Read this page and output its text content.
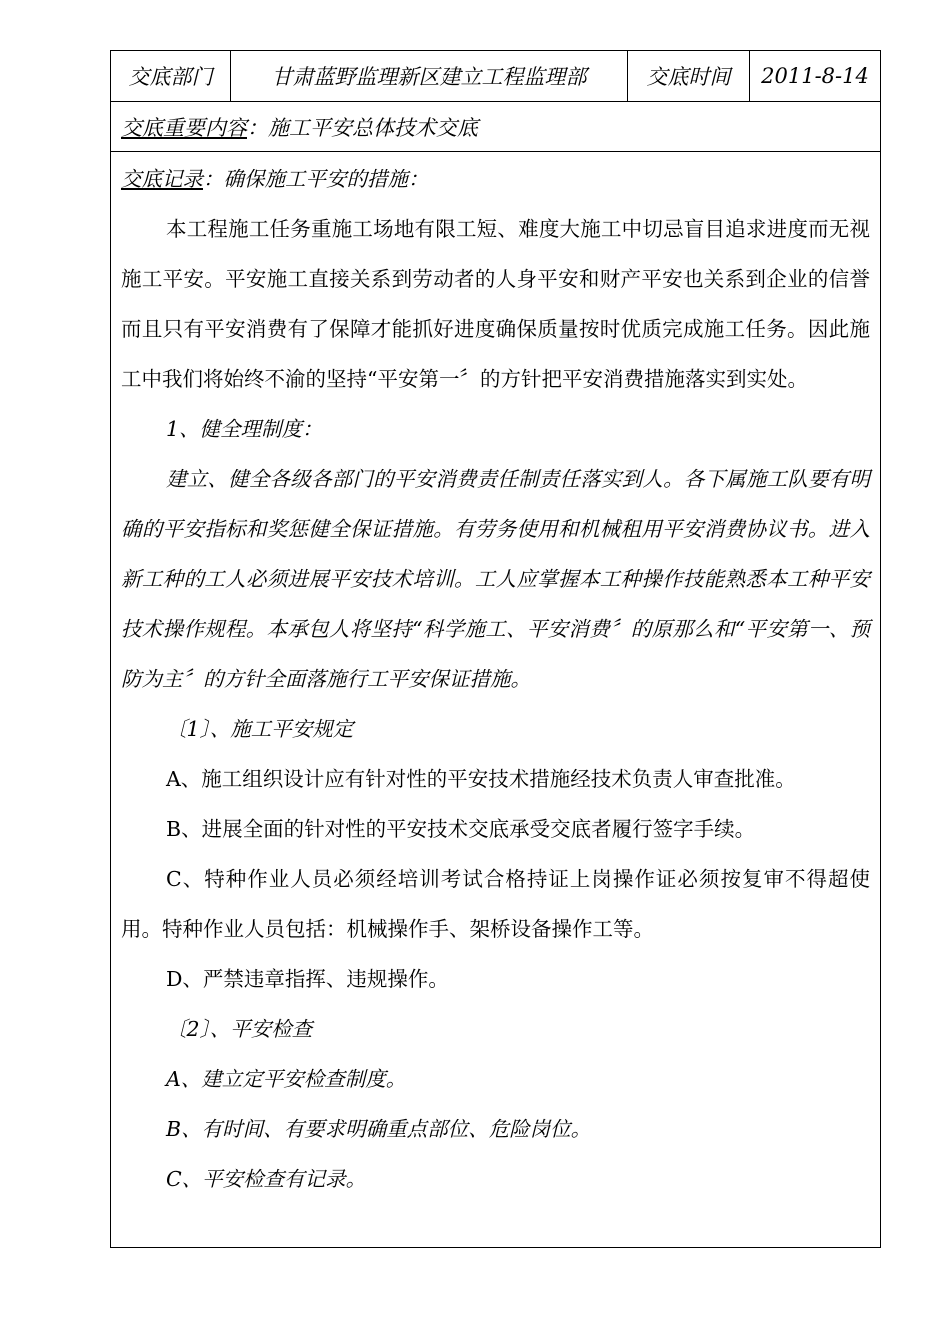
交底部门	甘肃蓝野监理新区建立工程监理部	交底时间	2011-8-14
交底重要内容 ： 施工平安总体技术交底

交底记录：确保施工平安的措施：

本工程施工任务重施工场地有限工短、难度大施工中切忌盲目追求进度而无视施工平安。平安施工直接关系到劳动者的人身平安和财产平安也关系到企业的信誉而且只有平安消费有了保障才能抓好进度确保质量按时优质完成施工任务。因此施工中我们将始终不渝的坚持“平安第一〞的方针把平安消费措施落实到实处。

1、健全理制度：

建立、健全各级各部门的平安消费责任制责任落实到人。各下属施工队要有明确的平安指标和奖惩健全保证措施。有劳务使用和机械租用平安消费协议书。进入新工种的工人必须进展平安技术培训。工人应掌握本工种操作技能熟悉本工种平安技术操作规程。本承包人将坚持“科学施工、平安消费〞的原那么和“平安第一、预防为主〞的方针全面落施行工平安保证措施。

〔1〕、施工平安规定

A、施工组织设计应有针对性的平安技术措施经技术负责人审查批准。

B、进展全面的针对性的平安技术交底承受交底者履行签字手续。

C、特种作业人员必须经培训考试合格持证上岗操作证必须按复审不得超使用。特种作业人员包括：机械操作手、架桥设备操作工等。

D、严禁违章指挥、违规操作。

〔2〕、平安检查

A、建立定平安检查制度。

B、有时间、有要求明确重点部位、危险岗位。

C、平安检查有记录。
